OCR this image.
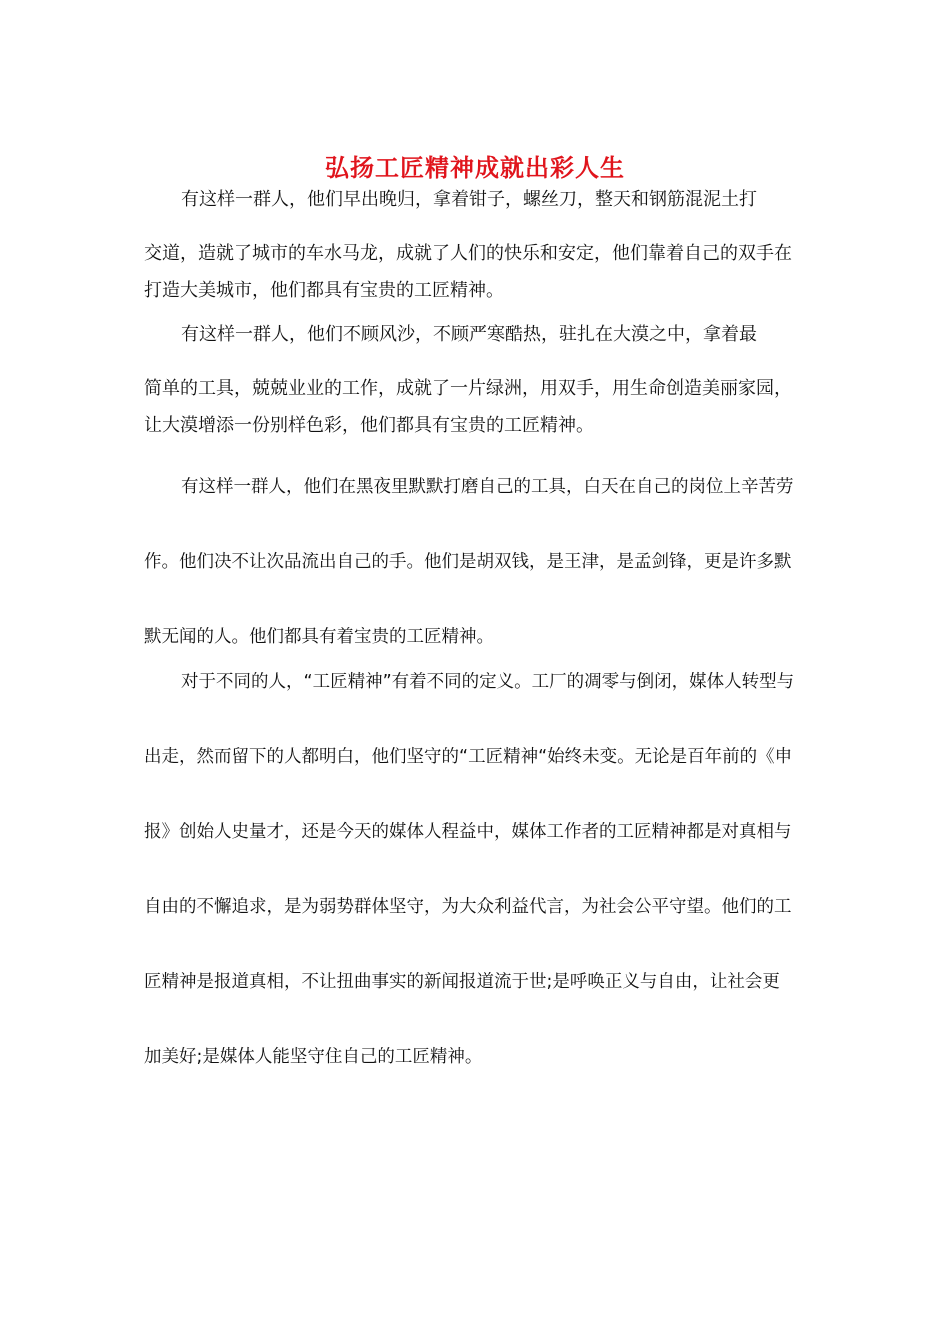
弘扬工匠精神成就出彩人生

有这样一群人，他们早出晚归，拿着钳子，螺丝刀，整天和钢筋混泥土打
交道，造就了城市的车水马龙，成就了人们的快乐和安定，他们靠着自己的双手在打造大美城市，他们都具有宝贵的工匠精神。

有这样一群人，他们不顾风沙，不顾严寒酷热，驻扎在大漠之中，拿着最
简单的工具，兢兢业业的工作，成就了一片绿洲，用双手，用生命创造美丽家园，让大漠增添一份别样色彩，他们都具有宝贵的工匠精神。

有这样一群人，他们在黑夜里默默打磨自己的工具，白天在自己的岗位上辛苦劳作。他们决不让次品流出自己的手。他们是胡双钱，是王津，是孟剑锋，更是许多默默无闻的人。他们都具有着宝贵的工匠精神。

对于不同的人，“工匠精神”有着不同的定义。工厂的凋零与倒闭，媒体人转型与出走，然而留下的人都明白，他们坚守的“工匠精神“始终未变。无论是百年前的《申报》创始人史量才，还是今天的媒体人程益中，媒体工作者的工匠精神都是对真相与自由的不懈追求，是为弱势群体坚守，为大众利益代言，为社会公平守望。他们的工匠精神是报道真相，不让扭曲事实的新闻报道流于世;是呼唤正义与自由，让社会更加美好;是媒体人能坚守住自己的工匠精神。
